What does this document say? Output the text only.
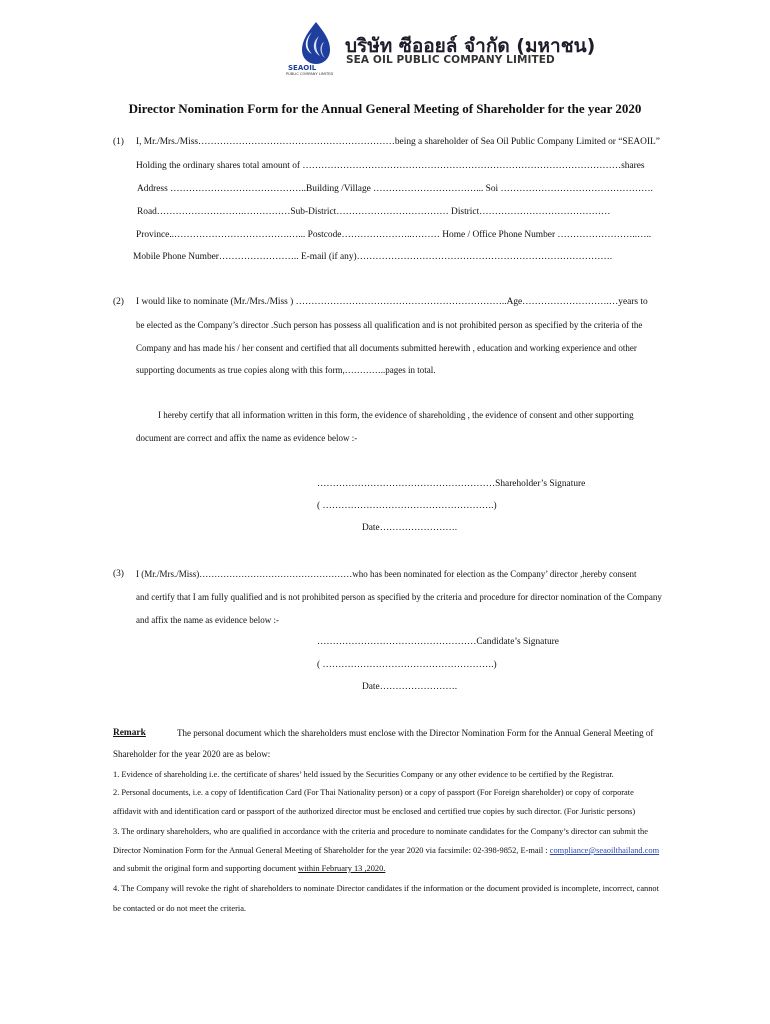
SEAOIL
PUBLIC COMPANY LIMITED
บริษัท ซีออยล์ จำกัด (มหาชน)
SEA OIL PUBLIC COMPANY LIMITED
Director Nomination Form for the Annual General Meeting of Shareholder for the year 2020
(1) I, Mr./Mrs./Miss………………………………………………………being a shareholder of Sea Oil Public Company Limited or “SEAOIL”
Holding the ordinary shares total amount of …………………………………………………………………………………………shares
Address ……………………………………..Building /Village ……………………………... Soi ………………………………………….
Road……………………….……………Sub-District……………………………… District……………………………………
Province..……………………………….…... Postcode…………………..……… Home / Office Phone Number ……………………..…..
Mobile Phone Number…………………….. E-mail (if any)……………………………………………………………………….
(2) I would like to nominate (Mr./Mrs./Miss ) …………………………………………………………..Age……………………….…years to
be elected as the Company’s director .Such person has possess all qualification and is not prohibited person as specified by the criteria of the
Company and has made his / her consent and certified that all documents submitted herewith , education and working experience and other
supporting documents as true copies along with this form,…………..pages in total.
I hereby certify that all information written in this form, the evidence of shareholding , the evidence of consent and other supporting
document are correct and affix the name as evidence below :-
…………………………………………………Shareholder’s Signature
( ……………………………………………….)
Date…………………….
(3) I (Mr./Mrs./Miss)……………………………………………who has been nominated for election as the Company’ director ,hereby consent
and certify that I am fully qualified and is not prohibited person as specified by the criteria and procedure for director nomination of the Company
and affix the name as evidence below :-
……………………………………………Candidate’s Signature
( ……………………………………………….)
Date…………………….
Remark	The personal document which the shareholders must enclose with the Director Nomination Form for the Annual General Meeting of
Shareholder for the year 2020 are as below:
1. Evidence of shareholding i.e. the certificate of shares’ held issued by the Securities Company or any other evidence to be certified by the Registrar.
2. Personal documents, i.e. a copy of Identification Card (For Thai Nationality person) or a copy of passport (For Foreign shareholder) or copy of corporate
affidavit with and identification card or passport of the authorized director must be enclosed and certified true copies by such director. (For Juristic persons)
3. The ordinary shareholders, who are qualified in accordance with the criteria and procedure to nominate candidates for the Company’s director can submit the
Director Nomination Form for the Annual General Meeting of Shareholder for the year 2020 via facsimile: 02-398-9852, E-mail : compliance@seaoilthailand.com
and submit the original form and supporting document within February 13 ,2020.
4. The Company will revoke the right of shareholders to nominate Director candidates if the information or the document provided is incomplete, incorrect, cannot
be contacted or do not meet the criteria.
